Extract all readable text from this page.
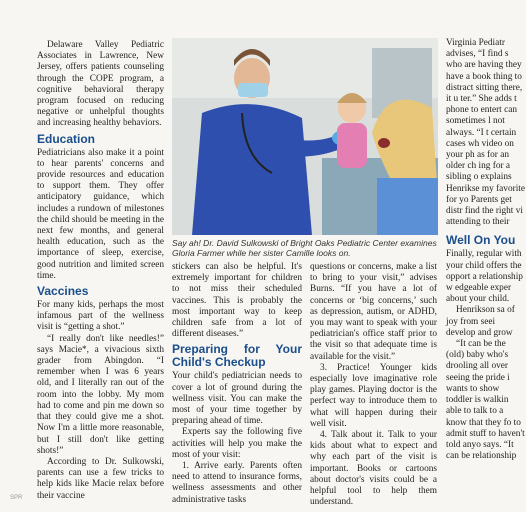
Delaware Valley Pediatric Associates in Lawrence, New Jersey, offers patients counseling through the COPE program, a cognitive behavioral therapy program focused on reducing negative or unhelpful thoughts and increasing healthy behaviors.

Education

Pediatricians also make it a point to hear parents' concerns and provide resources and education to support them. They offer anticipatory guidance, which includes a rundown of milestones the child should be meeting in the next few months, and general health education, such as the importance of sleep, exercise, good nutrition and limited screen time.

Vaccines

For many kids, perhaps the most infamous part of the wellness visit is “getting a shot.”

“I really don't like needles!” says Macie*, a vivacious sixth grader from Abingdon. “I remember when I was 6 years old, and I literally ran out of the room into the lobby. My mom had to come and pin me down so that they could give me a shot. Now I'm a little more reasonable, but I still don't like getting shots!”

According to Dr. Sulkowski, parents can use a few tricks to help kids like Macie relax before their vaccine

Say ah! Dr. David Sulkowski of Bright Oaks Pediatric Center examines Gloria Farmer while her sister Camille looks on.

stickers can also be helpful. It's extremely important for children to not miss their scheduled vaccines. This is probably the most important way to keep children safe from a lot of different diseases.”

Preparing for Your Child's Checkup

Your child's pediatrician needs to cover a lot of ground during the wellness visit. You can make the most of your time together by preparing ahead of time.

Experts say the following five activities will help you make the most of your visit:

1. Arrive early. Parents often need to attend to insurance forms, wellness assessments and other administrative tasks

questions or concerns, make a list to bring to your visit,” advises Burns. “If you have a lot of concerns or ‘big concerns,’ such as depression, autism, or ADHD, you may want to speak with your pediatrician's office staff prior to the visit so that adequate time is available for the visit.”

3. Practice! Younger kids especially love imaginative role play games. Playing doctor is the perfect way to introduce them to what will happen during their well visit.

4. Talk about it. Talk to your kids about what to expect and why each part of the visit is important. Books or cartoons about doctor's visits could be a helpful tool to help them understand.

Virginia Pediatr advises, “I find s who are having they have a book thing to distract sitting there, it u ter.” She adds t phone to entert can sometimes l not always. “I t certain cases wh video on your ph as for an older ch ing for a sibling o explains Henrikse my favorite for yo Parents get distr find the right vi attending to their

Well On You

Finally, regular with your child offers the opport a relationship w edgeable exper about your child.

Henrikson sa of joy from seei develop and grow

“It can be the (old) baby who's drooling all over seeing the pride i wants to show toddler is walkin able to talk to a know that they fo to admit stuff to haven't told anyo says. “It can be relationship

SPR
